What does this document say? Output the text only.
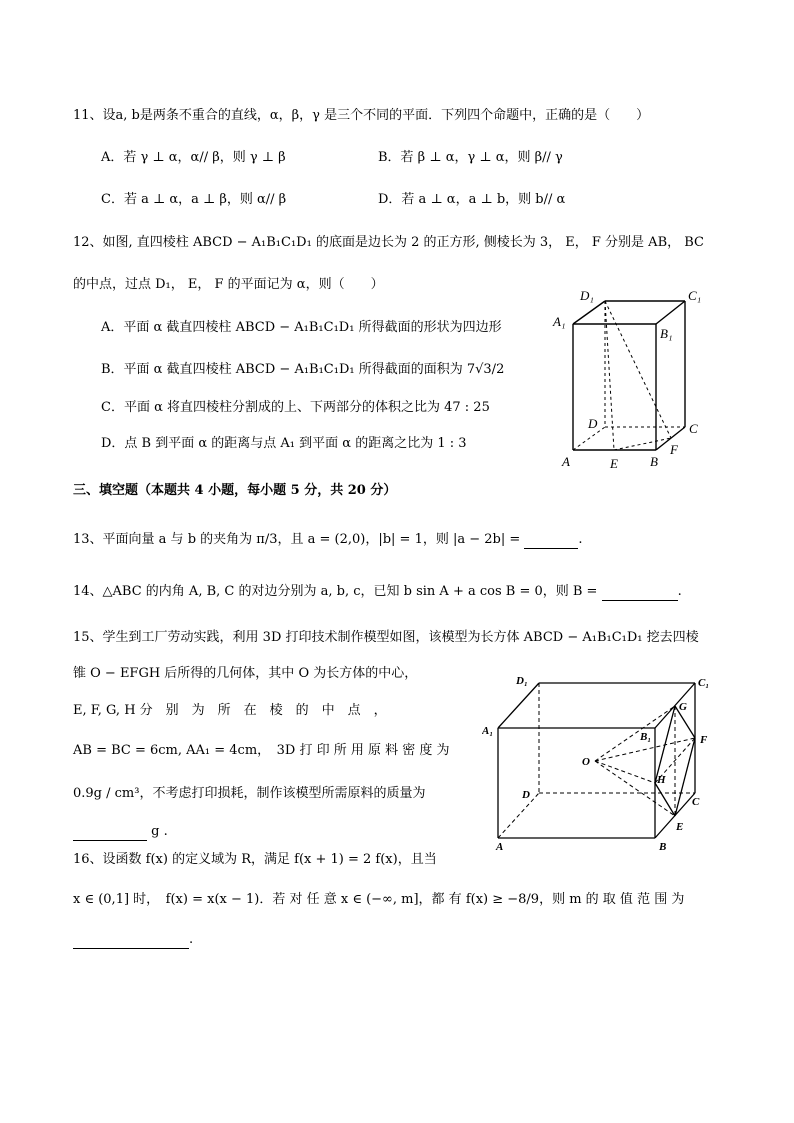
11、设a, b是两条不重合的直线，α，β，γ 是三个不同的平面．下列四个命题中，正确的是（　　）
A．若 γ ⊥ α，α// β，则 γ ⊥ β	B．若 β ⊥ α，γ ⊥ α，则 β// γ
C．若 a ⊥ α，a ⊥ β，则 α// β	D．若 a ⊥ α，a ⊥ b，则 b// α
12、如图, 直四棱柱 ABCD − A₁B₁C₁D₁ 的底面是边长为 2 的正方形, 侧棱长为 3， E， F 分别是 AB， BC
的中点，过点 D₁， E， F 的平面记为 α，则（　　）
A．平面 α 截直四棱柱 ABCD − A₁B₁C₁D₁ 所得截面的形状为四边形
B．平面 α 截直四棱柱 ABCD − A₁B₁C₁D₁ 所得截面的面积为 7√3/2
C．平面 α 将直四棱柱分割成的上、下两部分的体积之比为 47 : 25
D．点 B 到平面 α 的距离与点 A₁ 到平面 α 的距离之比为 1 : 3
D₁	C₁
A₁
B₁
D	C
A	E B
F
三、填空题（本题共 4 小题，每小题 5 分，共 20 分）
13、平面向量 a 与 b 的夹角为 π/3，且 a = (2,0)，|b| = 1，则 |a − 2b| =	.
14、△ABC 的内角 A, B, C 的对边分别为 a, b, c，已知 b sin A + a cos B = 0，则 B =	.
15、学生到工厂劳动实践，利用 3D 打印技术制作模型如图，该模型为长方体 ABCD − A₁B₁C₁D₁ 挖去四棱
锥 O − EFGH 后所得的几何体，其中 O 为长方体的中心，
E, F, G, H 分　别　为　所　在　棱　的　中　点　，
AB = BC = 6cm, AA₁ = 4cm，　3D 打 印 所 用 原 料 密 度 为
0.9g / cm³，不考虑打印损耗，制作该模型所需原料的质量为
g .
D₁	C₁
A₁	B₁
G
F
O
H
D
C
E
A	B
16、设函数 f(x) 的定义域为 R，满足 f(x + 1) = 2 f(x)，且当
x ∈ (0,1] 时，　f(x) = x(x − 1)．若 对 任 意 x ∈ (−∞, m]，都 有 f(x) ≥ −8/9，则 m 的 取 值 范 围 为
.
